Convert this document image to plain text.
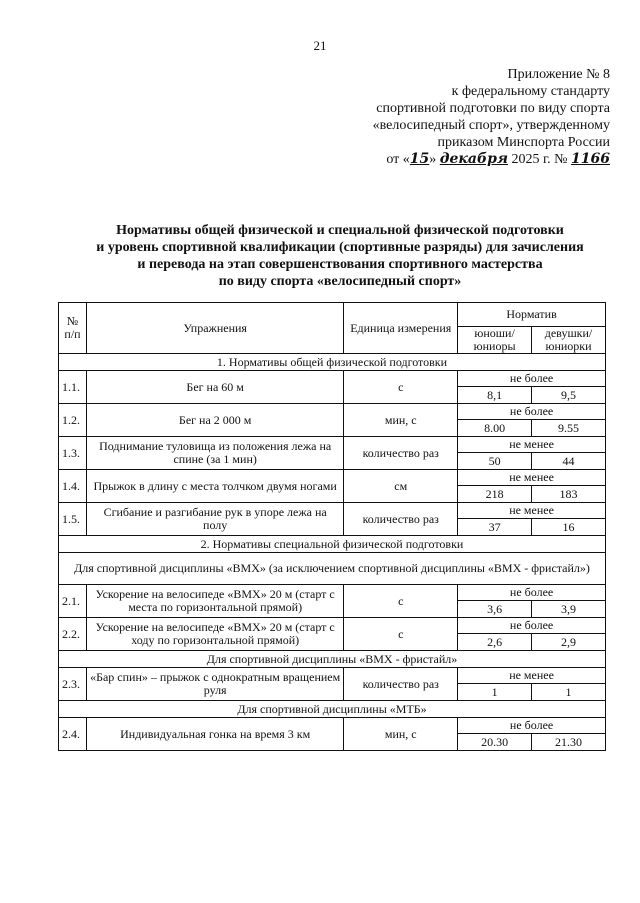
21
Приложение № 8
к федеральному стандарту
спортивной подготовки по виду спорта
«велосипедный спорт», утвержденному
приказом Минспорта России
от «15» декабря 2025 г. № 1166
Нормативы общей физической и специальной физической подготовки
и уровень спортивной квалификации (спортивные разряды) для зачисления
и перевода на этап совершенствования спортивного мастерства
по виду спорта «велосипедный спорт»
№ п/п	Упражнения	Единица измерения	Норматив	
			юноши/ юниоры	девушки/ юниорки
1. Нормативы общей физической подготовки				
1.1.	Бег на 60 м	с	не более	
			8,1	9,5
1.2.	Бег на 2 000 м	мин, с	не более	
			8.00	9.55
1.3.	Поднимание туловища из положения лежа на спине (за 1 мин)	количество раз	не менее	
			50	44
1.4.	Прыжок в длину с места толчком двумя ногами	см	не менее	
			218	183
1.5.	Сгибание и разгибание рук в упоре лежа на полу	количество раз	не менее	
			37	16
2. Нормативы специальной физической подготовки				
Для спортивной дисциплины «BMX» (за исключением спортивной дисциплины «BMX - фристайл»)				
2.1.	Ускорение на велосипеде «BMX» 20 м (старт с места по горизонтальной прямой)	с	не более	
			3,6	3,9
2.2.	Ускорение на велосипеде «BMX» 20 м (старт с ходу по горизонтальной прямой)	с	не более	
			2,6	2,9
Для спортивной дисциплины «BMX - фристайл»				
2.3.	«Бар спин» – прыжок с однократным вращением руля	количество раз	не менее	
			1	1
Для спортивной дисциплины «МТБ»				
2.4.	Индивидуальная гонка на время 3 км	мин, с	не более	
			20.30	21.30
